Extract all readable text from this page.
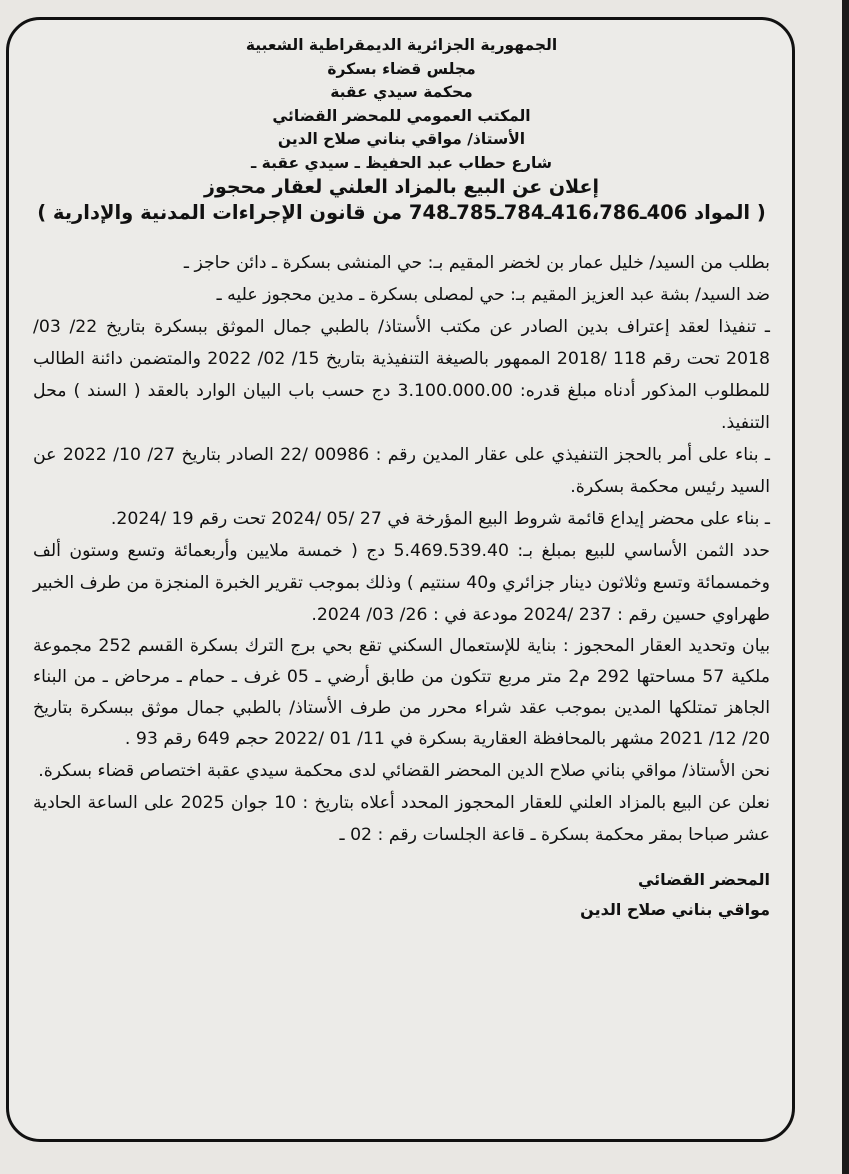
الجمهورية الجزائرية الديمقراطية الشعبية
مجلس قضاء بسكرة
محكمة سيدي عقبة
المكتب العمومي للمحضر القضائي
الأستاذ/ مواقي بناني صلاح الدين
شارع حطاب عبد الحفيظ ـ سيدي عقبة ـ
إعلان عن البيع بالمزاد العلني لعقار محجوز
( المواد 406ـ416،786ـ784ـ785ـ748 من قانون الإجراءات المدنية والإدارية )

بطلب من السيد/ خليل عمار بن لخضر المقيم بـ: حي المنشى بسكرة ـ دائن حاجز ـ

ضد السيد/ بشة عبد العزيز المقيم بـ: حي لمصلى بسكرة ـ مدين محجوز عليه ـ

ـ تنفيذا لعقد إعتراف بدين الصادر عن مكتب الأستاذ/ بالطبي جمال الموثق ببسكرة بتاريخ 22/ 03/ 2018 تحت رقم 118 /2018 الممهور بالصيغة التنفيذية بتاريخ 15/ 02/ 2022 والمتضمن دائنة الطالب للمطلوب المذكور أدناه مبلغ قدره: 3.100.000.00 دج حسب باب البيان الوارد بالعقد ( السند ) محل التنفيذ.

ـ بناء على أمر بالحجز التنفيذي على عقار المدين رقم : 00986 /22 الصادر بتاريخ 27/ 10/ 2022 عن السيد رئيس محكمة بسكرة.

ـ بناء على محضر إيداع قائمة شروط البيع المؤرخة في 27 /05 /2024 تحت رقم 19 /2024.

حدد الثمن الأساسي للبيع بمبلغ بـ: 5.469.539.40 دج ( خمسة ملايين وأربعمائة وتسع وستون ألف وخمسمائة وتسع وثلاثون دينار جزائري و40 سنتيم ) وذلك بموجب تقرير الخبرة المنجزة من طرف الخبير طهراوي حسين رقم : 237 /2024 مودعة في : 26/ 03/ 2024.

بيان وتحديد العقار المحجوز : بناية للإستعمال السكني تقع بحي برج الترك بسكرة القسم 252 مجموعة ملكية 57 مساحتها 292 م2 متر مربع تتكون من طابق أرضي ـ 05 غرف ـ حمام ـ مرحاض ـ من البناء الجاهز تمتلكها المدين بموجب عقد شراء محرر من طرف الأستاذ/ بالطبي جمال موثق ببسكرة بتاريخ 20/ 12/ 2021 مشهر بالمحافظة العقارية بسكرة في 11/ 01 /2022 حجم 649 رقم 93 .

نحن الأستاذ/ مواقي بناني صلاح الدين المحضر القضائي لدى محكمة سيدي عقبة اختصاص قضاء بسكرة.

نعلن عن البيع بالمزاد العلني للعقار المحجوز المحدد أعلاه بتاريخ : 10 جوان 2025 على الساعة الحادية عشر صباحا بمقر محكمة بسكرة ـ قاعة الجلسات رقم : 02 ـ

المحضر القضائي
مواقي بناني صلاح الدين
